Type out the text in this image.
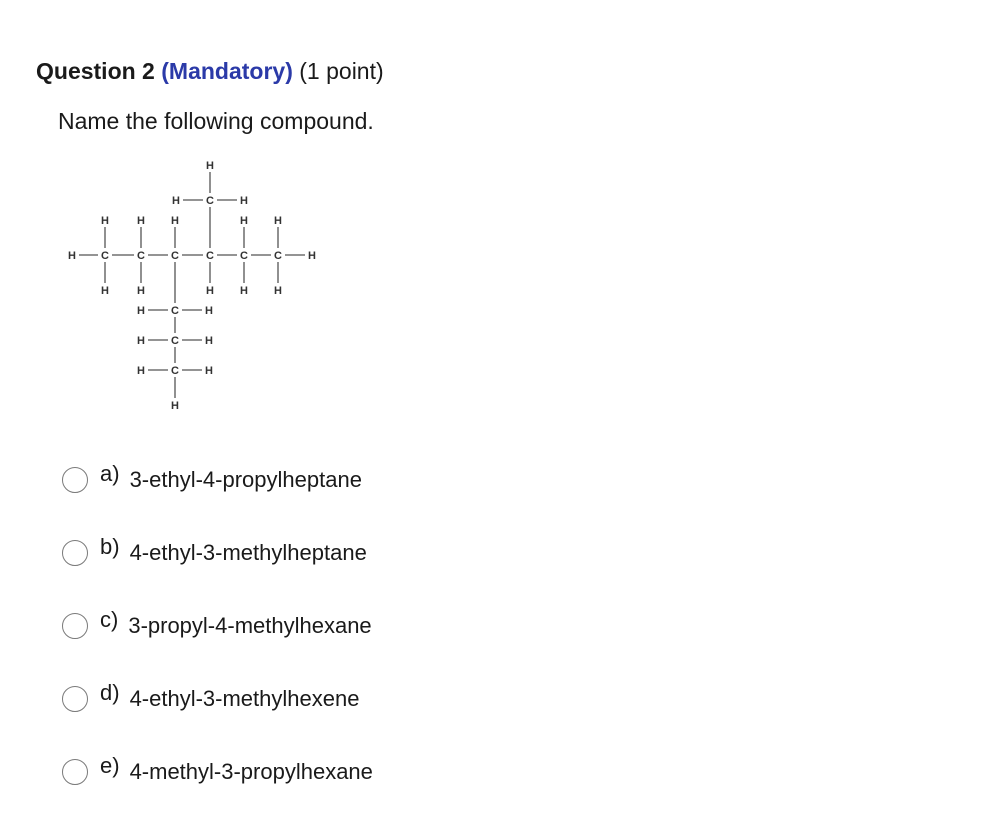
Question 2 (Mandatory) (1 point)
Name the following compound.
H C	C C C C C H
H	H H	H H
H	H	H H H
C
H	H
H
C
H	H
C
H	H
C
H	H
H
a) 3-ethyl-4-propylheptane
b) 4-ethyl-3-methylheptane
c) 3-propyl-4-methylhexane
d) 4-ethyl-3-methylhexene
e) 4-methyl-3-propylhexane
